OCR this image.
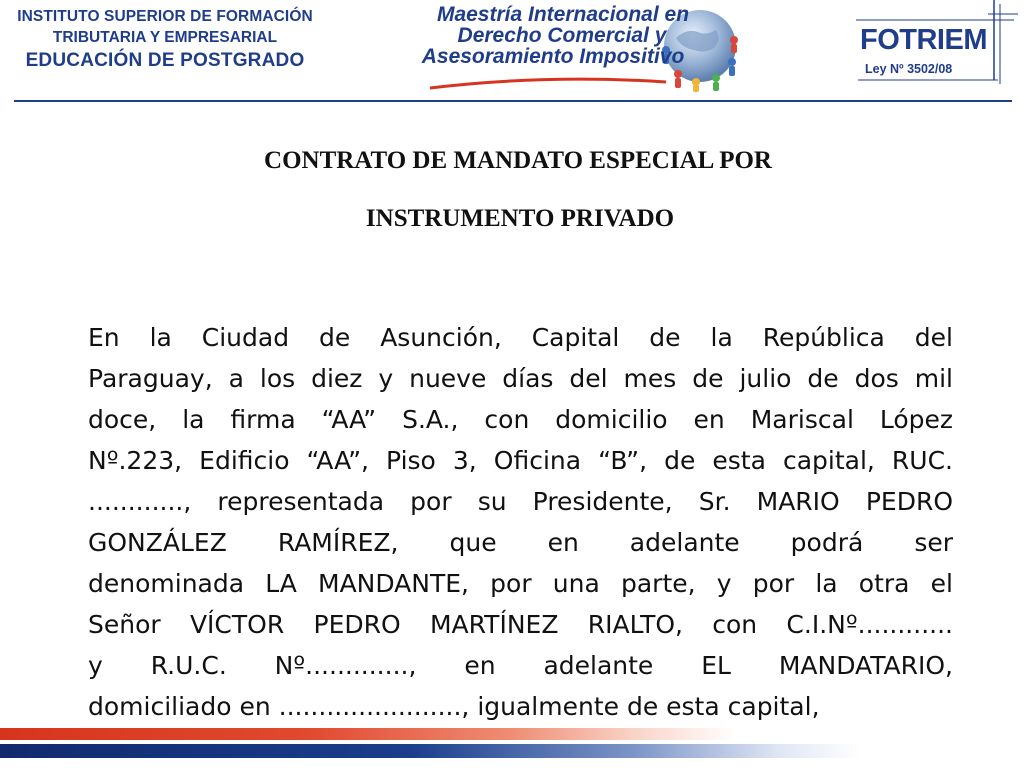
INSTITUTO SUPERIOR DE FORMACIÓN
TRIBUTARIA Y EMPRESARIAL
EDUCACIÓN DE POSTGRADO
Maestría Internacional en
Derecho Comercial y
Asesoramiento Impositivo
FOTRIEM
Ley Nº 3502/08
CONTRATO DE MANDATO ESPECIAL POR
INSTRUMENTO PRIVADO
En la Ciudad de Asunción, Capital de la República del
Paraguay, a los diez y nueve días del mes de julio de dos mil
doce, la firma “AA” S.A., con domicilio en Mariscal López
Nº.223, Edificio “AA”, Piso 3, Oficina “B”, de esta capital, RUC.
............, representada por su Presidente, Sr. MARIO PEDRO
GONZÁLEZ RAMÍREZ, que en adelante podrá ser
denominada LA MANDANTE, por una parte, y por la otra el
Señor VÍCTOR PEDRO MARTÍNEZ RIALTO, con C.I.Nº............
y R.U.C. Nº............., en adelante EL MANDATARIO,
domiciliado en ......................., igualmente de esta capital,
